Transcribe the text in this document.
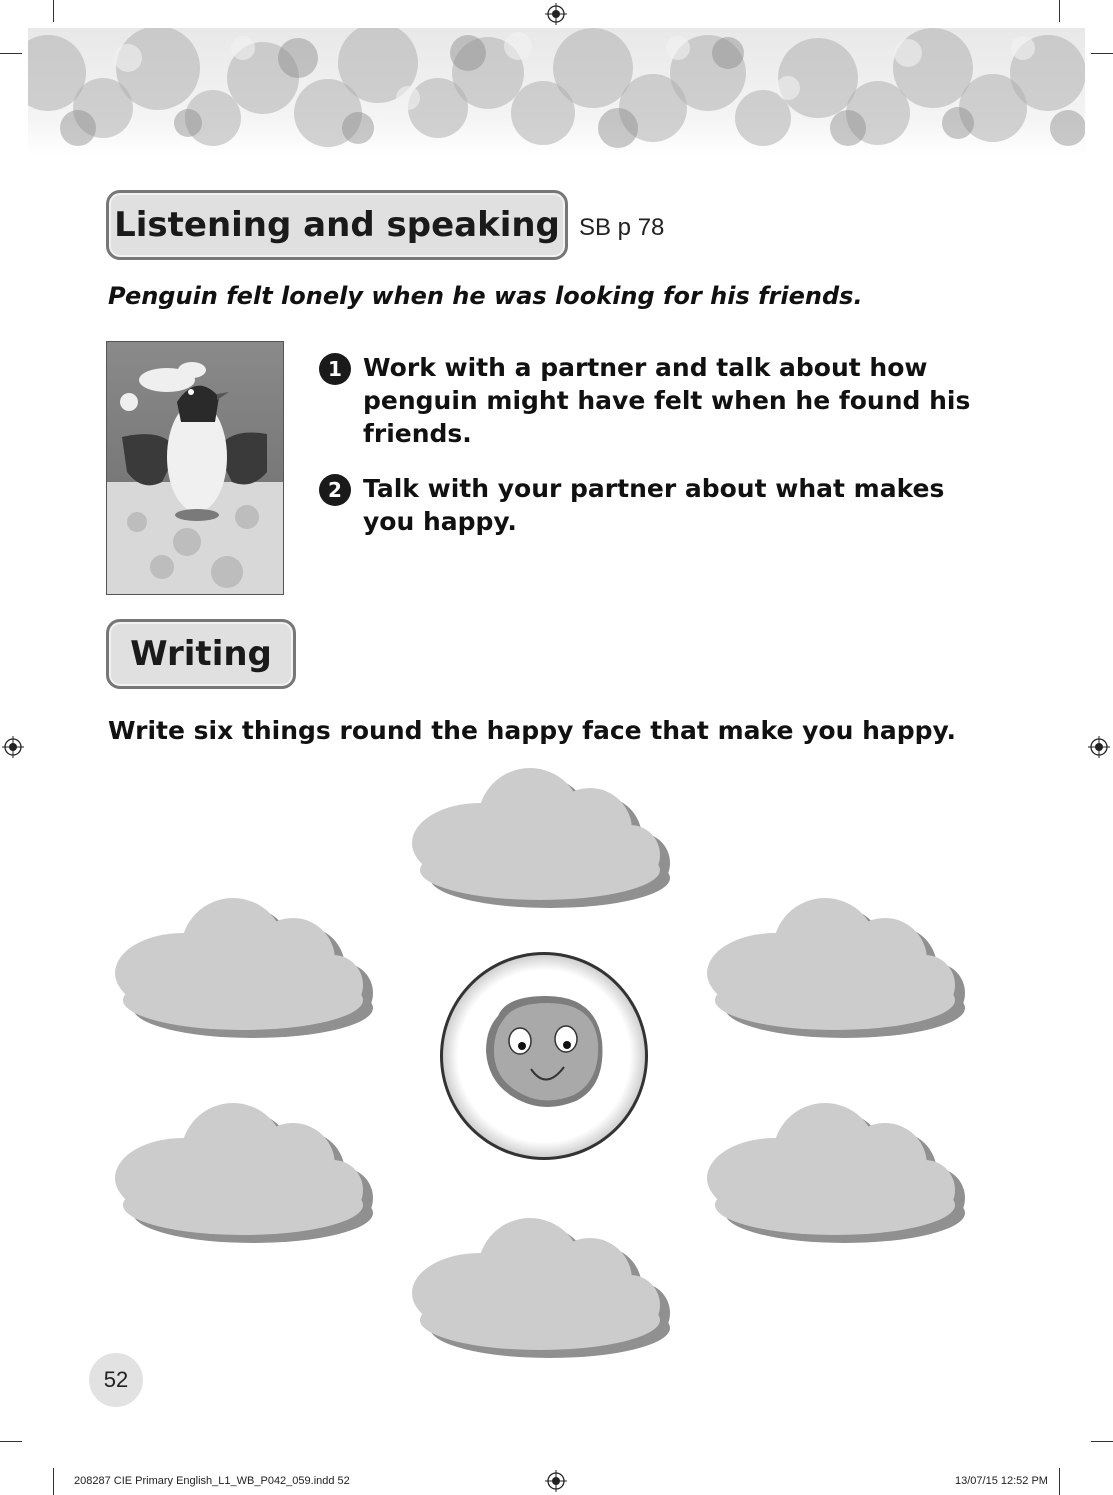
Listening and speaking SB p 78
Penguin felt lonely when he was looking for his friends.
1 Work with a partner and talk about how
penguin might have felt when he found his
friends.
2 Talk with your partner about what makes
you happy.
Writing
Write six things round the happy face that make you happy.
52
208287 CIE Primary English_L1_WB_P042_059.indd 52	13/07/15 12:52 PM
